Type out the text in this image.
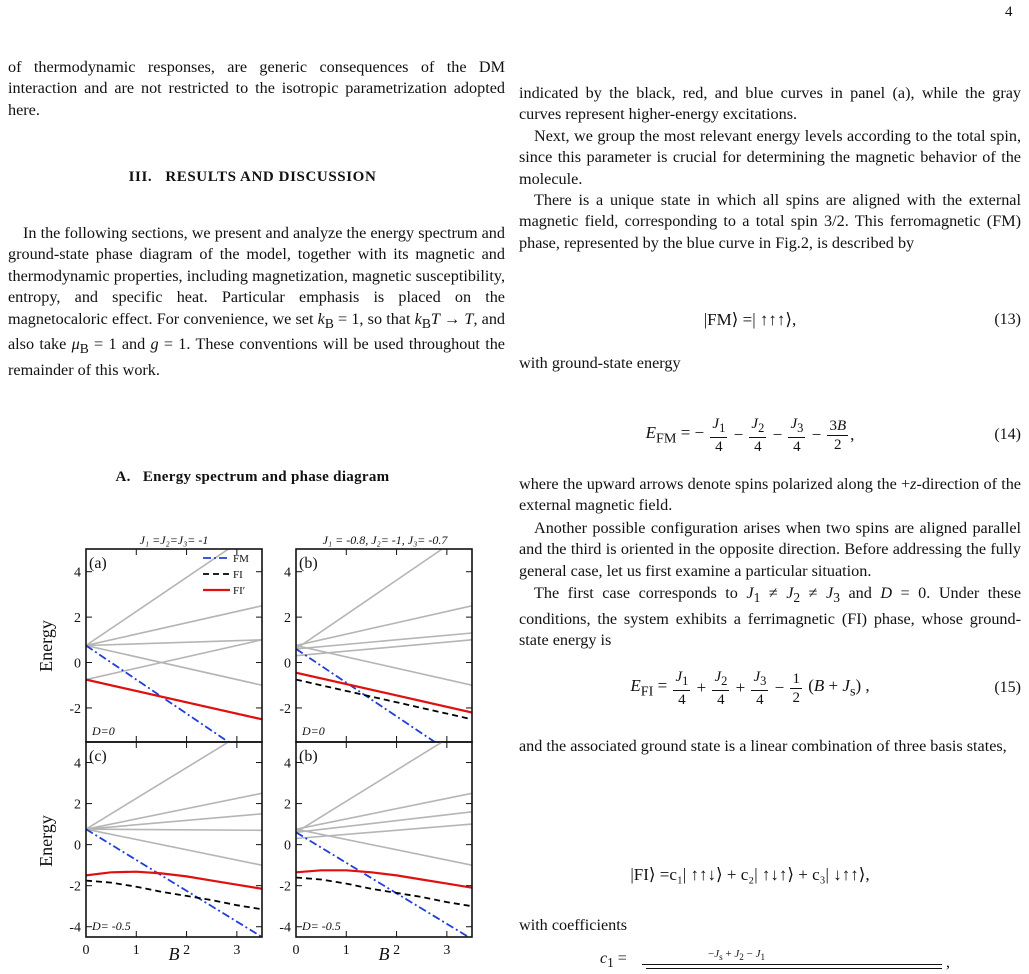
4

of thermodynamic responses, are generic consequences of the DM interaction and are not restricted to the isotropic parametrization adopted here.

III.   RESULTS AND DISCUSSION

In the following sections, we present and analyze the energy spectrum and ground-state phase diagram of the model, together with its magnetic and thermodynamic properties, including magnetization, magnetic susceptibility, entropy, and specific heat. Particular emphasis is placed on the magnetocaloric effect. For convenience, we set $k_B = 1$, so that $k_BT \to T$, and also take $\mu_B = 1$ and g = 1. These conventions will be used throughout the remainder of this work.

A.   Energy spectrum and phase diagram
-2
0
2
4
(a)
D=0
-2
0
2
4
(b)
D=0
-4
-2
0
2
4
0	1	2	3
(c)
D= -0.5	-4
-2
0
2
4
0	1	2	3
(b)
D= -0.5
J₁ =J₂=J₃= -1	J₁ = -0.8, J₂= -1, J₃= -0.7
Energy
Energy
B	B
FM
FI
FI′

indicated by the black, red, and blue curves in panel (a), while the gray curves represent higher-energy excitations.

Next, we group the most relevant energy levels according to the total spin, since this parameter is crucial for determining the magnetic behavior of the molecule.

There is a unique state in which all spins are aligned with the external magnetic field, corresponding to a total spin 3/2. This ferromagnetic (FM) phase, represented by the blue curve in Fig.2, is described by

|FM⟩ =| ↑↑↑⟩,	(13)

with ground-state energy

$E_{FM}$ = − $\frac{J_1}{4} - \frac{J_2}{4} - \frac{J_3}{4} - \frac{3B}{2}$ ,	(14)

where the upward arrows denote spins polarized along the +z-direction of the external magnetic field.

Another possible configuration arises when two spins are aligned parallel and the third is oriented in the opposite direction. Before addressing the fully general case, let us first examine a particular situation.

The first case corresponds to $J_1 \ne J_2 \ne J_3$ and D = 0. Under these conditions, the system exhibits a ferrimagnetic (FI) phase, whose ground-state energy is

$E_{FI} = \frac{J_1}{4} + \frac{J_2}{4} + \frac{J_3}{4} - \frac{1}{2} (B + J_s)$ ,	(15)

and the associated ground state is a linear combination of three basis states,

|FI⟩ =c₁| ↑↑↓⟩ + c₂| ↑↓↑⟩ + c₃| ↓↑↑⟩,

with coefficients

$c_1$ =	$-J_s + J_2 - J_1$	,
